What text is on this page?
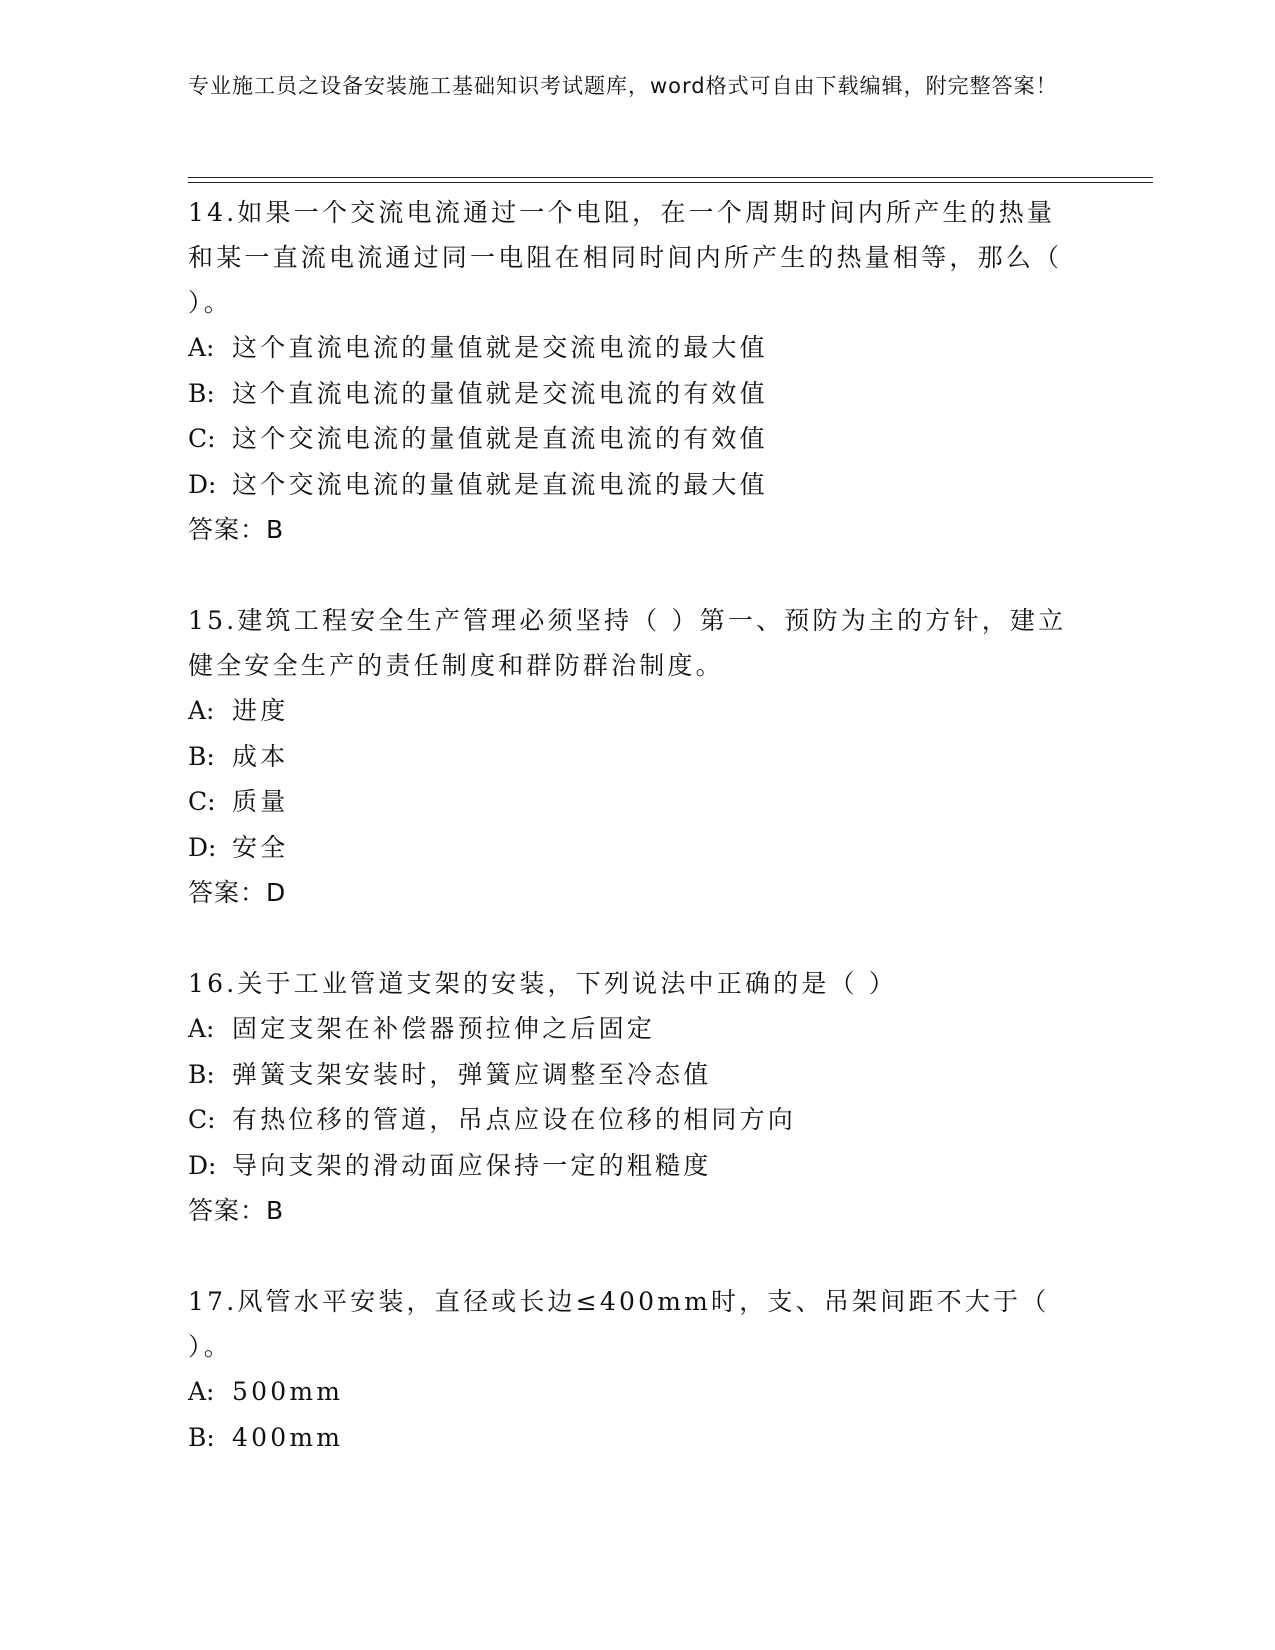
专业施工员之设备安装施工基础知识考试题库，word格式可自由下载编辑，附完整答案！

14.如果一个交流电流通过一个电阻，在一个周期时间内所产生的热量和某一直流电流通过同一电阻在相同时间内所产生的热量相等，那么（ ）。

A: 这个直流电流的量值就是交流电流的最大值

B: 这个直流电流的量值就是交流电流的有效值

C: 这个交流电流的量值就是直流电流的有效值

D: 这个交流电流的量值就是直流电流的最大值

答案：B

15.建筑工程安全生产管理必须坚持（ ）第一、预防为主的方针，建立健全安全生产的责任制度和群防群治制度。

A: 进度

B: 成本

C: 质量

D: 安全

答案：D

16.关于工业管道支架的安装，下列说法中正确的是（ ）

A: 固定支架在补偿器预拉伸之后固定

B: 弹簧支架安装时，弹簧应调整至冷态值

C: 有热位移的管道，吊点应设在位移的相同方向

D: 导向支架的滑动面应保持一定的粗糙度

答案：B

17.风管水平安装，直径或长边≤400mm时，支、吊架间距不大于（ ）。

A: 500mm

B: 400mm
